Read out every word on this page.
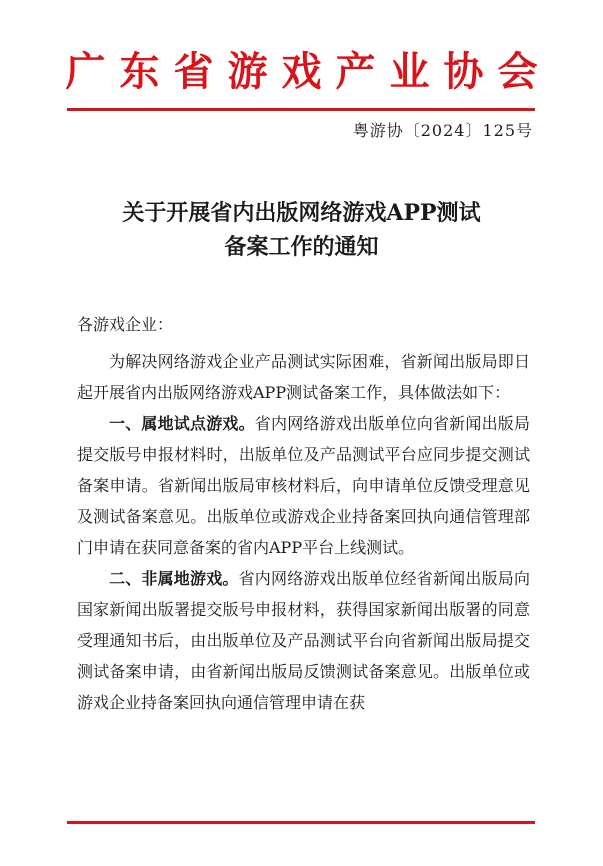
广东省游戏产业协会
粤游协〔2024〕125号
关于开展省内出版网络游戏APP测试
备案工作的通知
各游戏企业：

为解决网络游戏企业产品测试实际困难，省新闻出版局即日起开展省内出版网络游戏APP测试备案工作，具体做法如下：

一、属地试点游戏。省内网络游戏出版单位向省新闻出版局提交版号申报材料时，出版单位及产品测试平台应同步提交测试备案申请。省新闻出版局审核材料后，向申请单位反馈受理意见及测试备案意见。出版单位或游戏企业持备案回执向通信管理部门申请在获同意备案的省内APP平台上线测试。

二、非属地游戏。省内网络游戏出版单位经省新闻出版局向国家新闻出版署提交版号申报材料，获得国家新闻出版署的同意受理通知书后，由出版单位及产品测试平台向省新闻出版局提交测试备案申请，由省新闻出版局反馈测试备案意见。出版单位或游戏企业持备案回执向通信管理申请在获
